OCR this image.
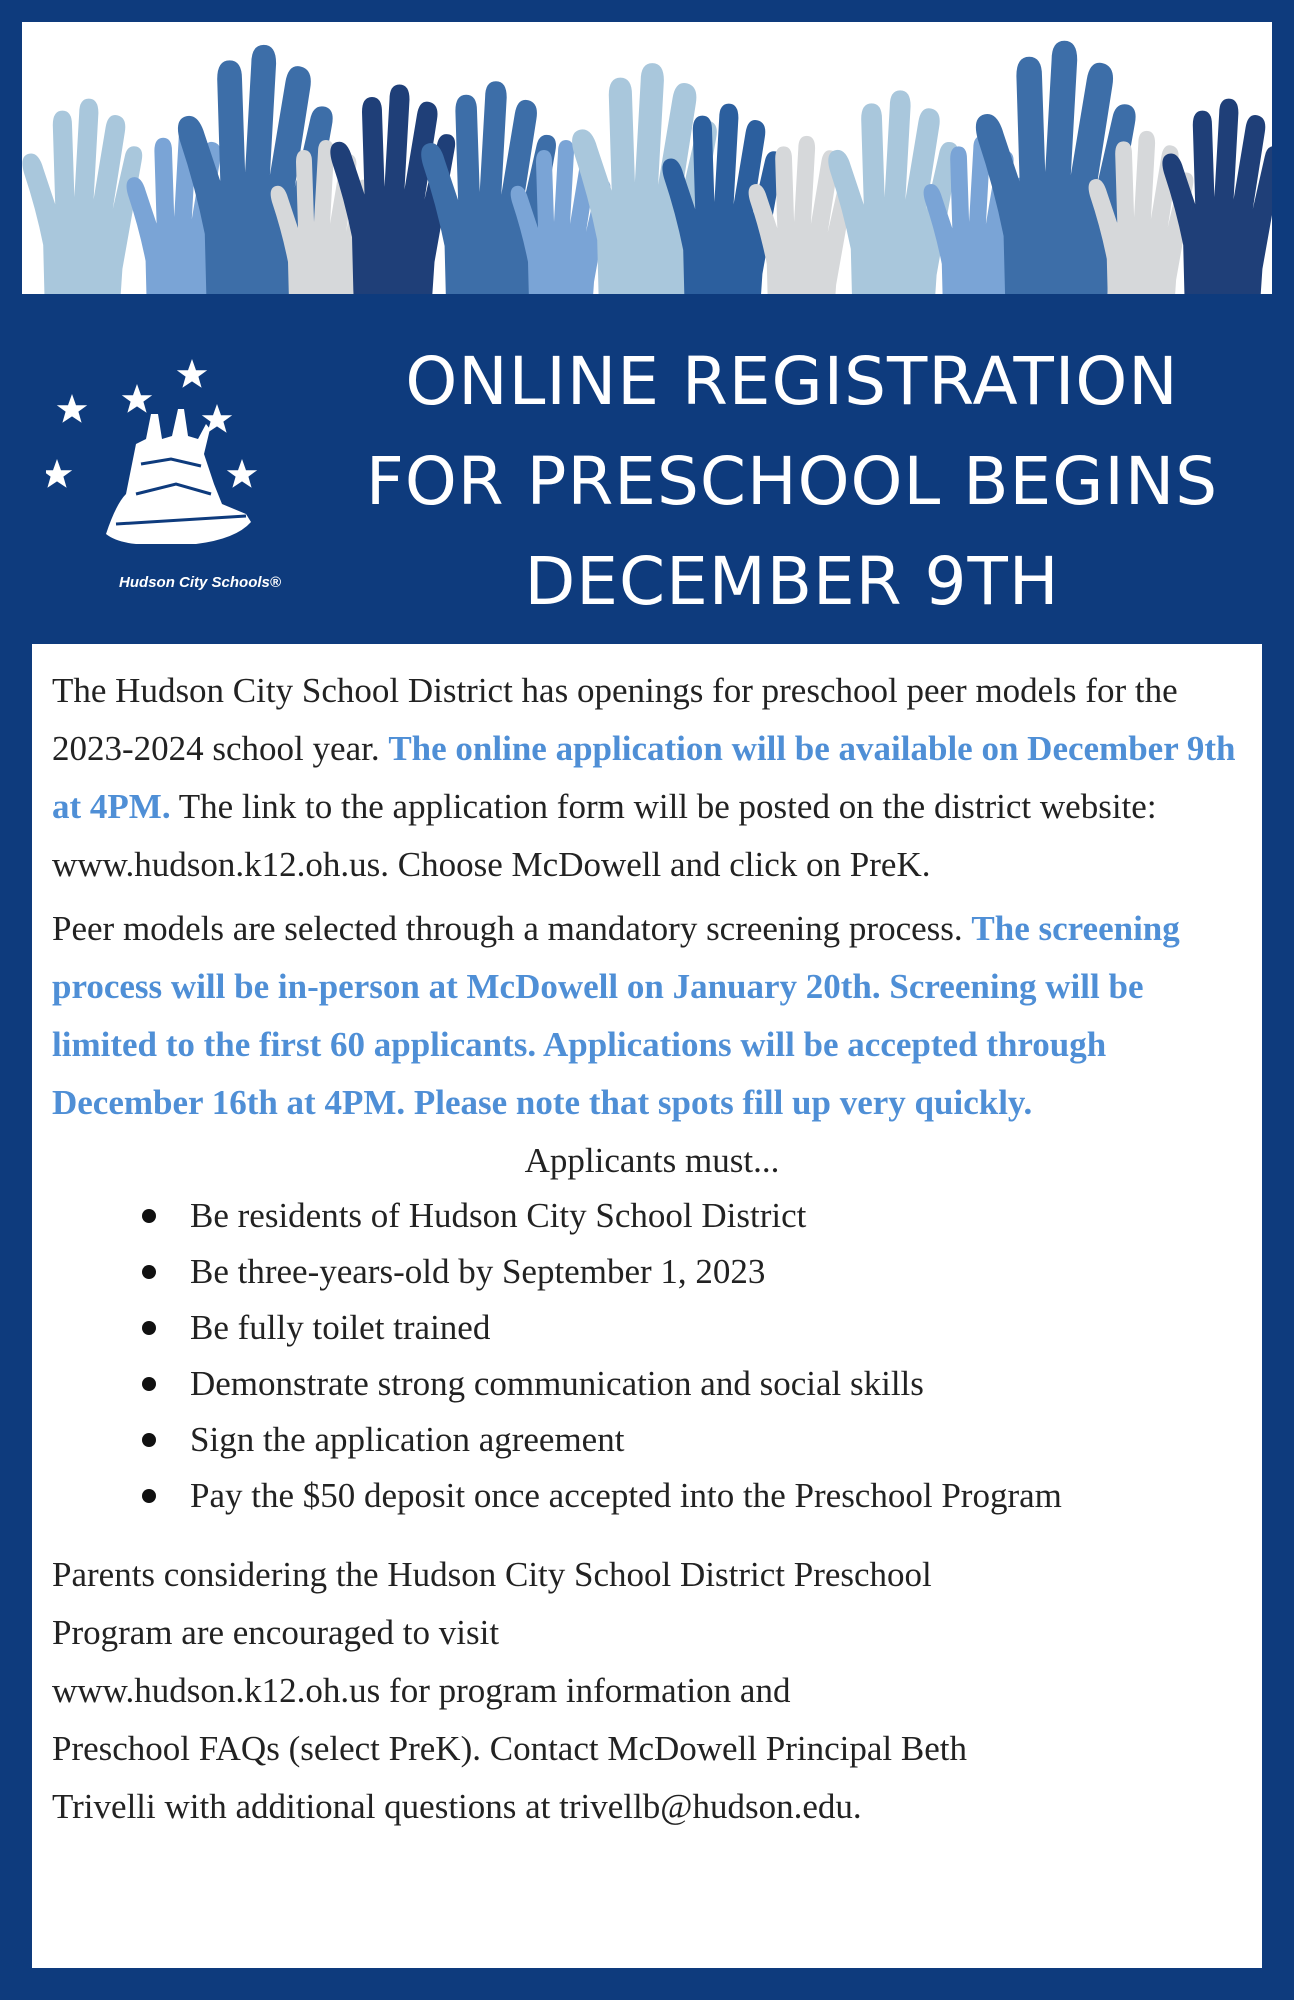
Hudson City Schools®
ONLINE REGISTRATION
FOR PRESCHOOL BEGINS
DECEMBER 9TH

The Hudson City School District has openings for preschool peer models for the 2023-2024 school year. The online application will be available on December 9th at 4PM. The link to the application form will be posted on the district website: www.hudson.k12.oh.us. Choose McDowell and click on PreK.

Peer models are selected through a mandatory screening process. The screening process will be in-person at McDowell on January 20th. Screening will be limited to the first 60 applicants. Applications will be accepted through December 16th at 4PM. Please note that spots fill up very quickly.

Applicants must...

Be residents of Hudson City School District
Be three-years-old by September 1, 2023
Be fully toilet trained
Demonstrate strong communication and social skills
Sign the application agreement
Pay the $50 deposit once accepted into the Preschool Program

Parents considering the Hudson City School District Preschool
Program are encouraged to visit
www.hudson.k12.oh.us for program information and
Preschool FAQs (select PreK). Contact McDowell Principal Beth
Trivelli with additional questions at trivellb@hudson.edu.
